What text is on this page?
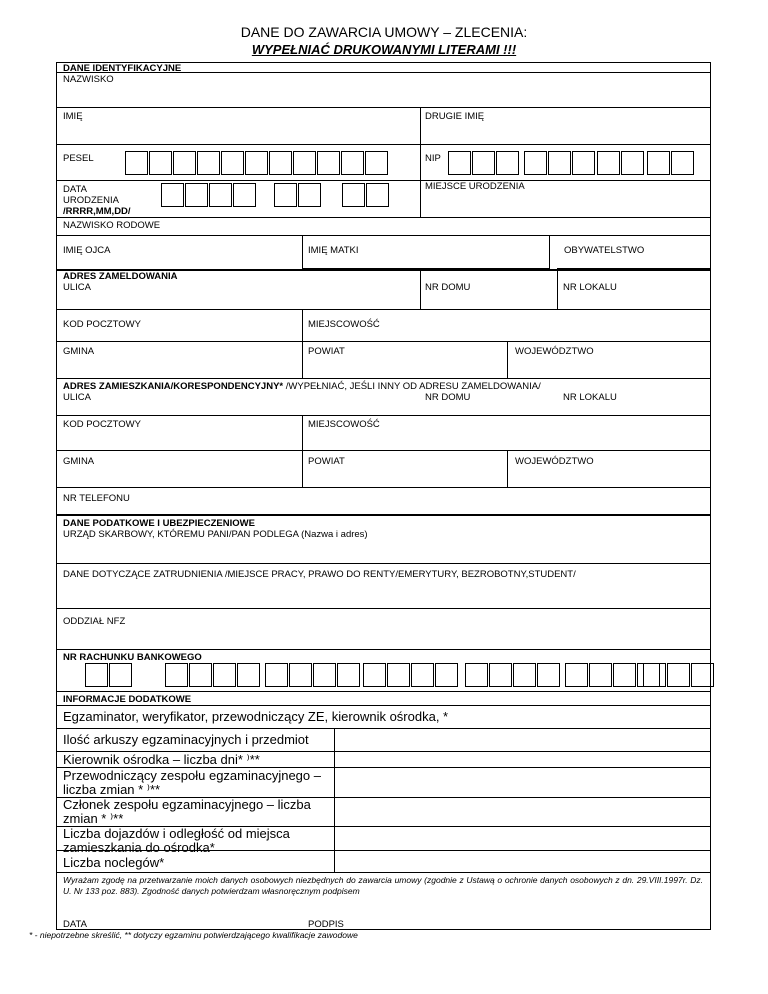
DANE DO ZAWARCIA UMOWY – ZLECENIA:
WYPEŁNIAĆ DRUKOWANYMI LITERAMI !!!
DANE IDENTYFIKACYJNE
NAZWISKO
IMIĘ	DRUGIE IMIĘ
PESEL	NIP
DATA
URODZENIA
/RRRR,MM,DD/
MIEJSCE URODZENIA
NAZWISKO RODOWE
IMIĘ OJCA	IMIĘ MATKI	OBYWATELSTWO
ADRES ZAMELDOWANIA
ULICA	NR DOMU	NR LOKALU
KOD POCZTOWY	MIEJSCOWOŚĆ
GMINA	POWIAT	WOJEWÓDZTWO
ADRES ZAMIESZKANIA/KORESPONDENCYJNY* /WYPEŁNIAĆ, JEŚLI INNY OD ADRESU ZAMELDOWANIA/
ULICA	NR DOMU	NR LOKALU
KOD POCZTOWY	MIEJSCOWOŚĆ
GMINA	POWIAT	WOJEWÓDZTWO
NR TELEFONU
DANE PODATKOWE I UBEZPIECZENIOWE
URZĄD SKARBOWY, KTÓREMU PANI/PAN PODLEGA (Nazwa i adres)
DANE DOTYCZĄCE ZATRUDNIENIA /MIEJSCE PRACY, PRAWO DO RENTY/EMERYTURY, BEZROBOTNY,STUDENT/
ODDZIAŁ NFZ
NR RACHUNKU BANKOWEGO
INFORMACJE DODATKOWE
Egzaminator, weryfikator, przewodniczący ZE, kierownik ośrodka, *
Ilość arkuszy egzaminacyjnych i przedmiot
Kierownik ośrodka – liczba dni* ⁾**
Przewodniczący zespołu egzaminacyjnego –
liczba zmian * ⁾**
Członek zespołu egzaminacyjnego – liczba
zmian * ⁾**
Liczba dojazdów i odległość od miejsca
zamieszkania do ośrodka*
Liczba noclegów*
Wyrażam zgodę na przetwarzanie moich danych osobowych niezbędnych do zawarcia umowy (zgodnie z Ustawą o ochronie danych osobowych z dn. 29.VIII.1997r. Dz. U. Nr 133 poz. 883). Zgodność danych potwierdzam własnoręcznym podpisem
DATA	PODPIS
* - niepotrzebne skreślić, ** dotyczy egzaminu potwierdzającego kwalifikacje zawodowe
